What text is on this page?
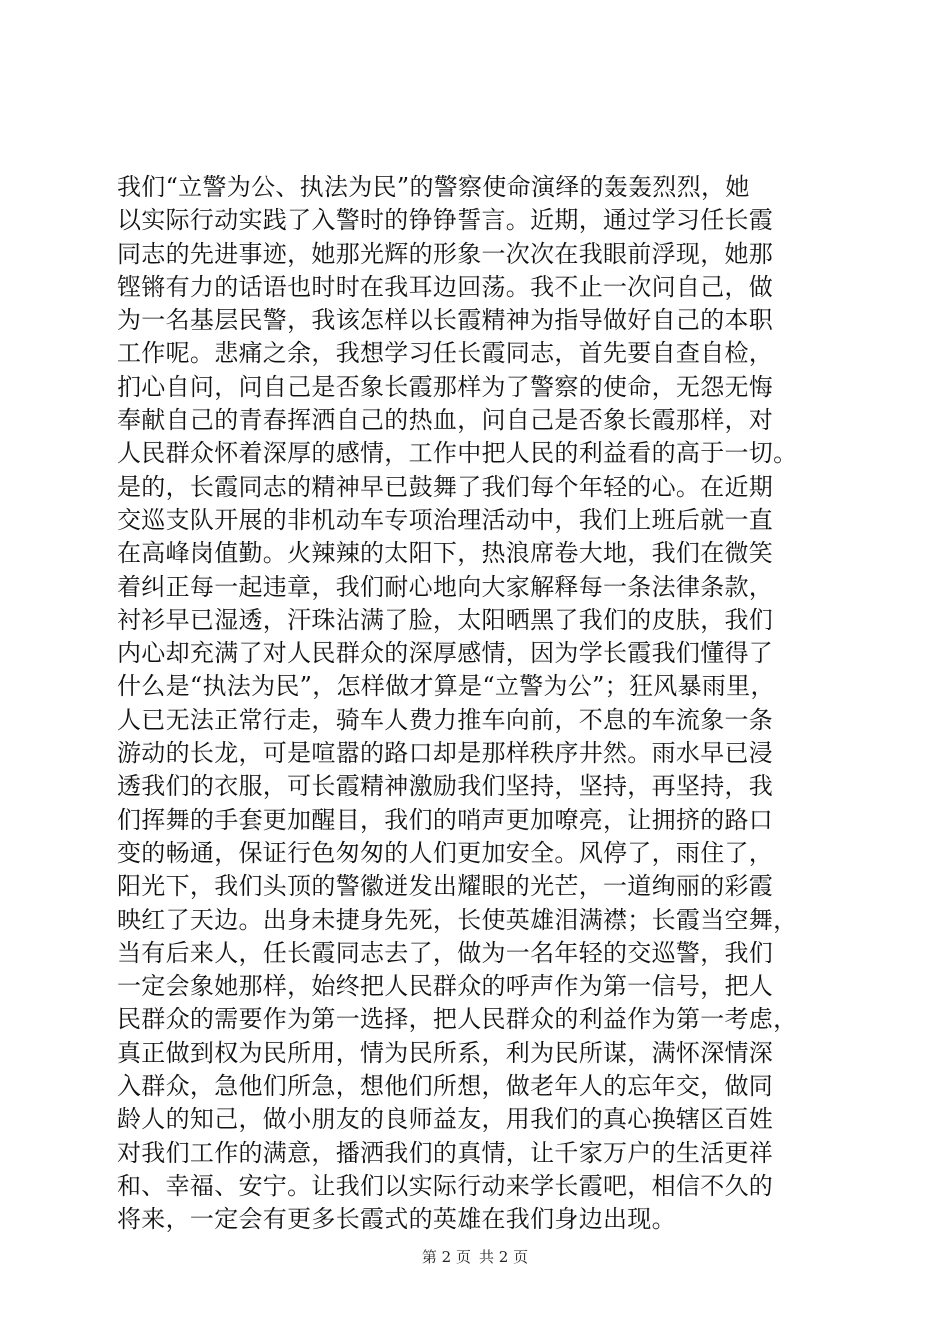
我们“立警为公、执法为民”的警察使命演绎的轰轰烈烈，她
以实际行动实践了入警时的铮铮誓言。近期，通过学习任长霞
同志的先进事迹，她那光辉的形象一次次在我眼前浮现，她那
铿锵有力的话语也时时在我耳边回荡。我不止一次问自己，做
为一名基层民警，我该怎样以长霞精神为指导做好自己的本职
工作呢。悲痛之余，我想学习任长霞同志，首先要自查自检，
扪心自问，问自己是否象长霞那样为了警察的使命，无怨无悔
奉献自己的青春挥洒自己的热血，问自己是否象长霞那样，对
人民群众怀着深厚的感情，工作中把人民的利益看的高于一切。
是的，长霞同志的精神早已鼓舞了我们每个年轻的心。在近期
交巡支队开展的非机动车专项治理活动中，我们上班后就一直
在高峰岗值勤。火辣辣的太阳下，热浪席卷大地，我们在微笑
着纠正每一起违章，我们耐心地向大家解释每一条法律条款，
衬衫早已湿透，汗珠沾满了脸，太阳晒黑了我们的皮肤，我们
内心却充满了对人民群众的深厚感情，因为学长霞我们懂得了
什么是“执法为民”，怎样做才算是“立警为公”；狂风暴雨里，
人已无法正常行走，骑车人费力推车向前，不息的车流象一条
游动的长龙，可是喧嚣的路口却是那样秩序井然。雨水早已浸
透我们的衣服，可长霞精神激励我们坚持，坚持，再坚持，我
们挥舞的手套更加醒目，我们的哨声更加嘹亮，让拥挤的路口
变的畅通，保证行色匆匆的人们更加安全。风停了，雨住了，
阳光下，我们头顶的警徽迸发出耀眼的光芒，一道绚丽的彩霞
映红了天边。出身未捷身先死，长使英雄泪满襟；长霞当空舞，
当有后来人，任长霞同志去了，做为一名年轻的交巡警，我们
一定会象她那样，始终把人民群众的呼声作为第一信号，把人
民群众的需要作为第一选择，把人民群众的利益作为第一考虑，
真正做到权为民所用，情为民所系，利为民所谋，满怀深情深
入群众，急他们所急，想他们所想，做老年人的忘年交，做同
龄人的知己，做小朋友的良师益友，用我们的真心换辖区百姓
对我们工作的满意，播洒我们的真情，让千家万户的生活更祥
和、幸福、安宁。让我们以实际行动来学长霞吧，相信不久的
将来，一定会有更多长霞式的英雄在我们身边出现。
第 2 页 共 2 页
